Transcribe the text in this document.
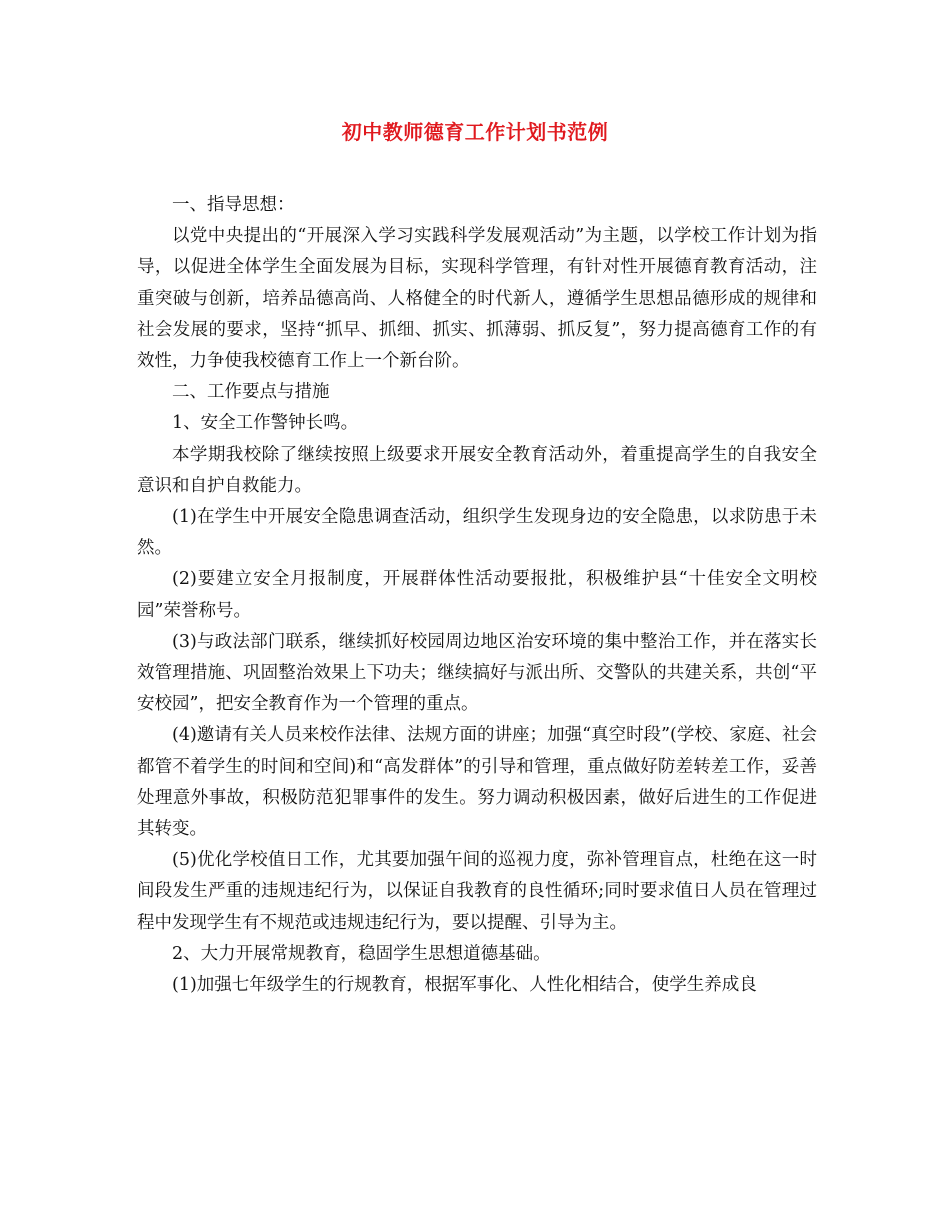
初中教师德育工作计划书范例

一、指导思想：

以党中央提出的“开展深入学习实践科学发展观活动”为主题，以学校工作计划为指导，以促进全体学生全面发展为目标，实现科学管理，有针对性开展德育教育活动，注重突破与创新，培养品德高尚、人格健全的时代新人，遵循学生思想品德形成的规律和社会发展的要求，坚持“抓早、抓细、抓实、抓薄弱、抓反复”，努力提高德育工作的有效性，力争使我校德育工作上一个新台阶。

二、工作要点与措施

1、安全工作警钟长鸣。

本学期我校除了继续按照上级要求开展安全教育活动外，着重提高学生的自我安全意识和自护自救能力。

(1)在学生中开展安全隐患调查活动，组织学生发现身边的安全隐患，以求防患于未然。

(2)要建立安全月报制度，开展群体性活动要报批，积极维护县“十佳安全文明校园”荣誉称号。

(3)与政法部门联系，继续抓好校园周边地区治安环境的集中整治工作，并在落实长效管理措施、巩固整治效果上下功夫；继续搞好与派出所、交警队的共建关系，共创“平安校园”，把安全教育作为一个管理的重点。

(4)邀请有关人员来校作法律、法规方面的讲座；加强“真空时段”(学校、家庭、社会都管不着学生的时间和空间)和“高发群体”的引导和管理，重点做好防差转差工作，妥善处理意外事故，积极防范犯罪事件的发生。努力调动积极因素，做好后进生的工作促进其转变。

(5)优化学校值日工作，尤其要加强午间的巡视力度，弥补管理盲点，杜绝在这一时间段发生严重的违规违纪行为，以保证自我教育的良性循环;同时要求值日人员在管理过程中发现学生有不规范或违规违纪行为，要以提醒、引导为主。

2、大力开展常规教育，稳固学生思想道德基础。

(1)加强七年级学生的行规教育，根据军事化、人性化相结合，使学生养成良
